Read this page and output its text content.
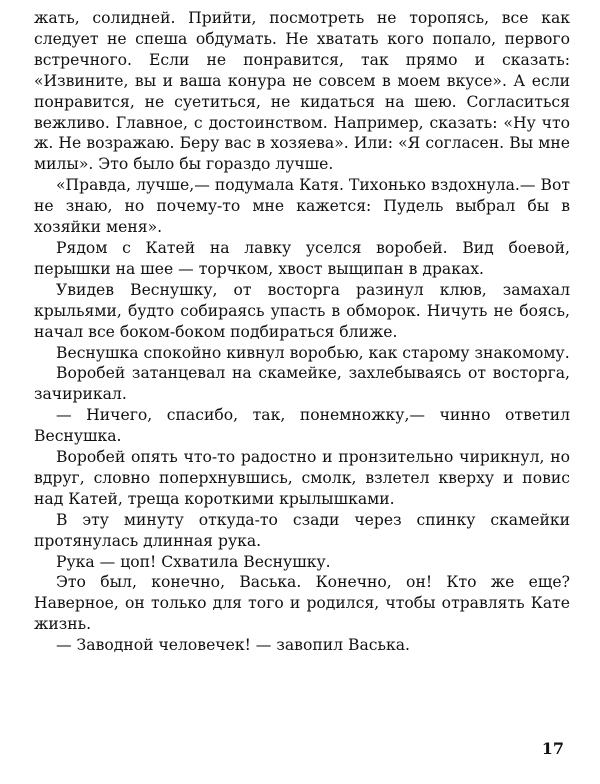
жать, солидней. Прийти, посмотреть не торопясь, все как следует не спеша обдумать. Не хватать кого попало, первого встречного. Если не понравится, так прямо и сказать: «Извините, вы и ваша конура не совсем в моем вкусе». А если понравится, не суетиться, не кидаться на шею. Согласиться вежливо. Главное, с достоинством. Например, сказать: «Ну что ж. Не возражаю. Беру вас в хозяева». Или: «Я согласен. Вы мне милы». Это было бы гораздо лучше.

«Правда, лучше,— подумала Катя. Тихонько вздохнула.— Вот не знаю, но почему-то мне кажется: Пудель выбрал бы в хозяйки меня».

Рядом с Катей на лавку уселся воробей. Вид боевой, перышки на шее — торчком, хвост выщипан в драках.

Увидев Веснушку, от восторга разинул клюв, замахал крыльями, будто собираясь упасть в обморок. Ничуть не боясь, начал все боком-боком подбираться ближе.

Веснушка спокойно кивнул воробью, как старому знакомому.

Воробей затанцевал на скамейке, захлебываясь от восторга, зачирикал.

— Ничего, спасибо, так, понемножку,— чинно ответил Веснушка.

Воробей опять что-то радостно и пронзительно чирикнул, но вдруг, словно поперхнувшись, смолк, взлетел кверху и повис над Катей, треща короткими крылышками.

В эту минуту откуда-то сзади через спинку скамейки протянулась длинная рука.

Рука — цоп! Схватила Веснушку.

Это был, конечно, Васька. Конечно, он! Кто же еще? Наверное, он только для того и родился, чтобы отравлять Кате жизнь.

— Заводной человечек! — завопил Васька.

17
